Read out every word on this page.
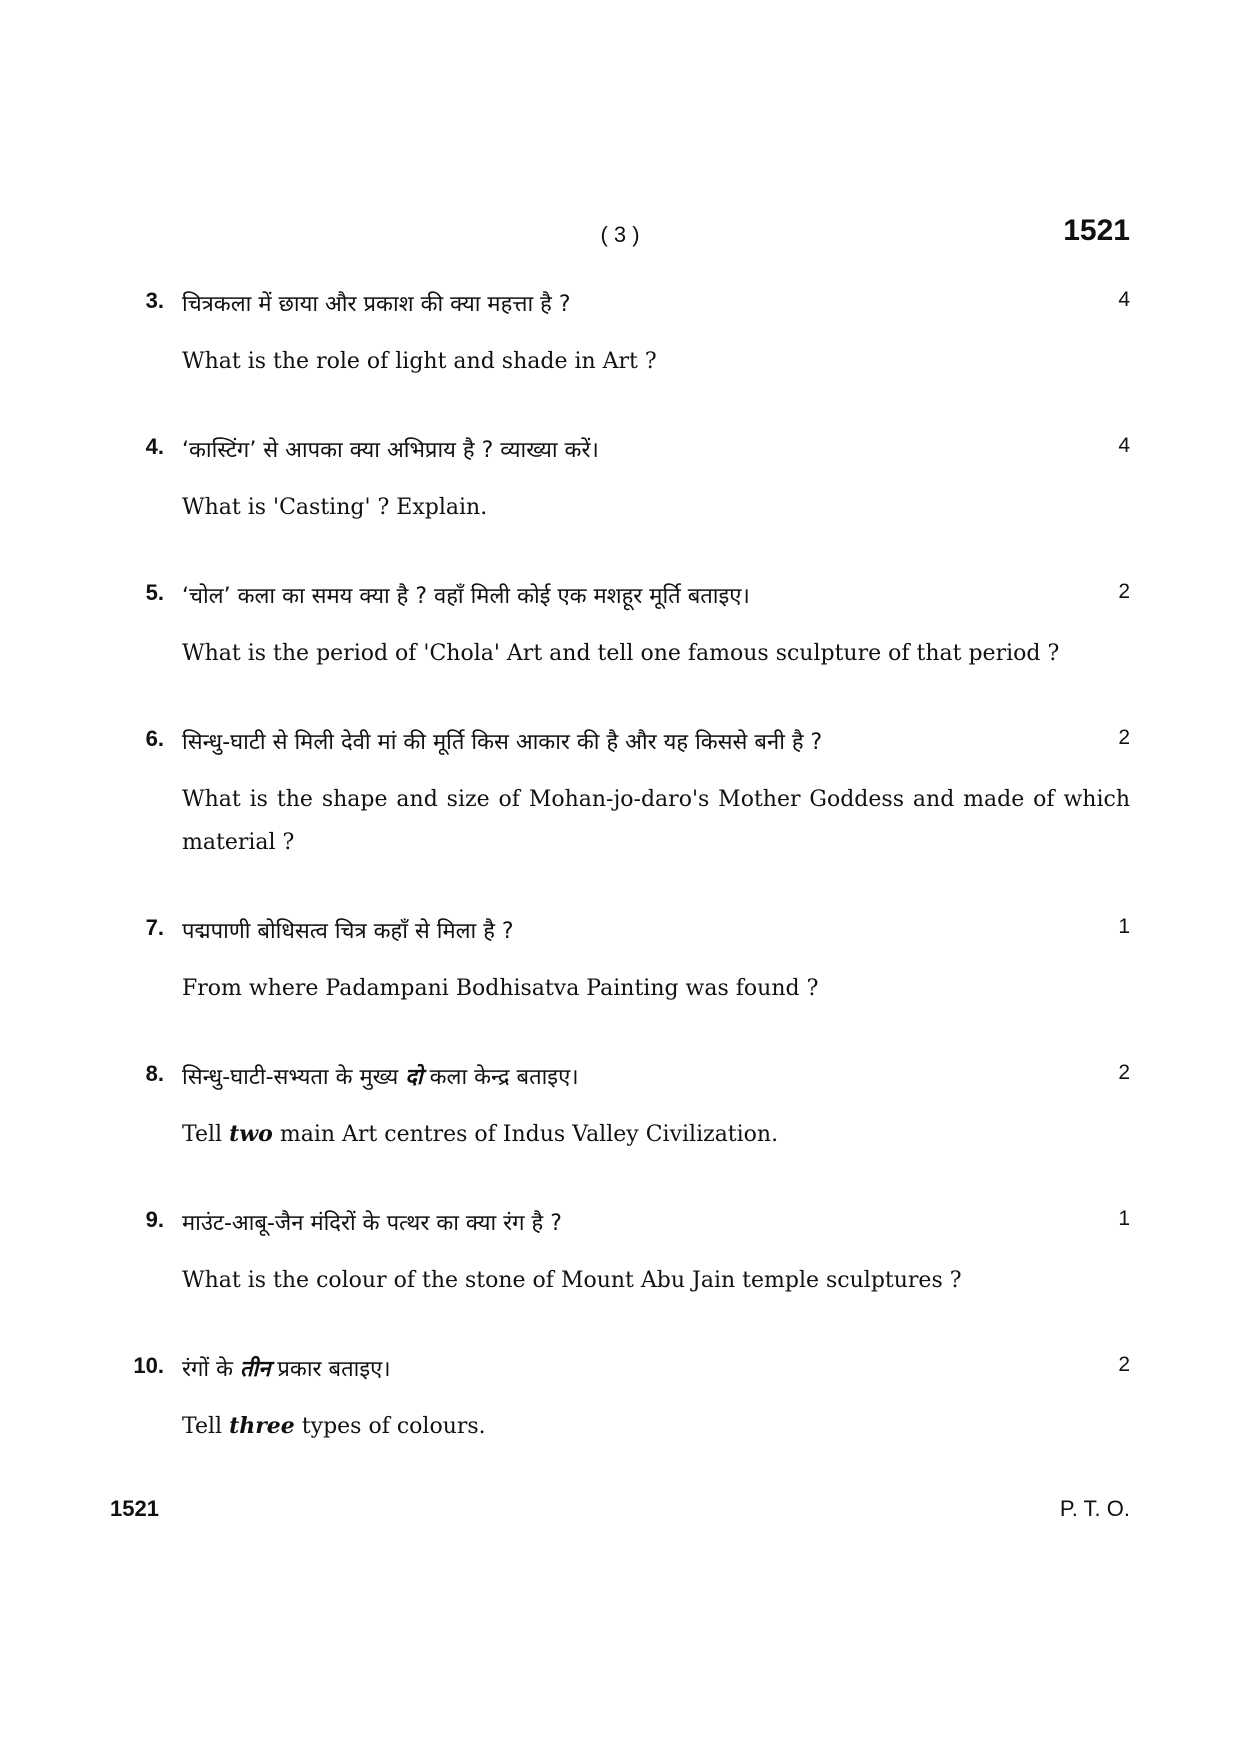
( 3 )	1521
3. चित्रकला में छाया और प्रकाश की क्या महत्ता है ?	4
What is the role of light and shade in Art ?
4. ‘कास्टिंग’ से आपका क्या अभिप्राय है ? व्याख्या करें।	4
What is 'Casting' ? Explain.
5. ‘चोल’ कला का समय क्या है ? वहाँ मिली कोई एक मशहूर मूर्ति बताइए।	2
What is the period of 'Chola' Art and tell one famous sculpture of that period ?
6. सिन्धु-घाटी से मिली देवी मां की मूर्ति किस आकार की है और यह किससे बनी है ?	2
What is the shape and size of Mohan-jo-daro's Mother Goddess and made of which material ?
7. पद्मपाणी बोधिसत्व चित्र कहाँ से मिला है ?	1
From where Padampani Bodhisatva Painting was found ?
8. सिन्धु-घाटी-सभ्यता के मुख्य दो कला केन्द्र बताइए।	2
Tell two main Art centres of Indus Valley Civilization.
9. माउंट-आबू-जैन मंदिरों के पत्थर का क्या रंग है ?	1
What is the colour of the stone of Mount Abu Jain temple sculptures ?
10. रंगों के तीन प्रकार बताइए।	2
Tell three types of colours.
1521	P. T. O.
